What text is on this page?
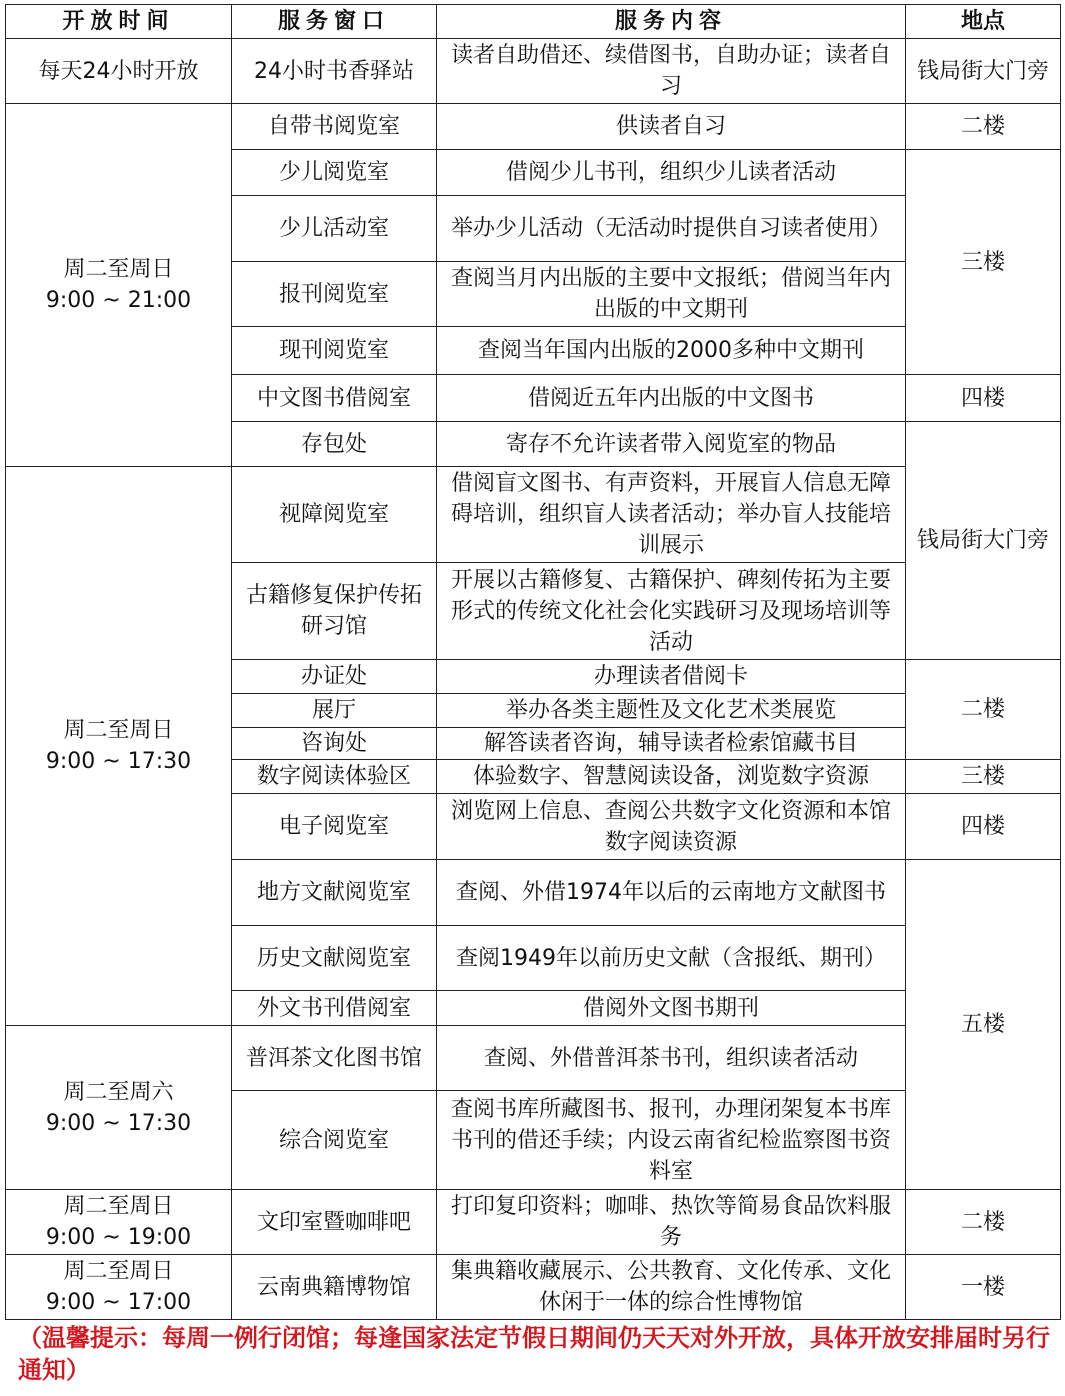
开放时间	服务窗口	服务内容	地点
每天24小时开放	24小时书香驿站	读者自助借还、续借图书，自助办证；读者自习	钱局街大门旁
周二至周日
9:00 ~ 21:00	自带书阅览室	供读者自习	二楼
	少儿阅览室	借阅少儿书刊，组织少儿读者活动	三楼
	少儿活动室	举办少儿活动（无活动时提供自习读者使用）	
	报刊阅览室	查阅当月内出版的主要中文报纸；借阅当年内出版的中文期刊	
	现刊阅览室	查阅当年国内出版的2000多种中文期刊	
	中文图书借阅室	借阅近五年内出版的中文图书	四楼
	存包处	寄存不允许读者带入阅览室的物品	钱局街大门旁
周二至周日
9:00 ~ 17:30	视障阅览室	借阅盲文图书、有声资料，开展盲人信息无障碍培训，组织盲人读者活动；举办盲人技能培训展示	
	古籍修复保护传拓研习馆	开展以古籍修复、古籍保护、碑刻传拓为主要形式的传统文化社会化实践研习及现场培训等活动	
	办证处	办理读者借阅卡	二楼
	展厅	举办各类主题性及文化艺术类展览	
	咨询处	解答读者咨询，辅导读者检索馆藏书目	
	数字阅读体验区	体验数字、智慧阅读设备，浏览数字资源	三楼
	电子阅览室	浏览网上信息、查阅公共数字文化资源和本馆数字阅读资源	四楼
	地方文献阅览室	查阅、外借1974年以后的云南地方文献图书	五楼
	历史文献阅览室	查阅1949年以前历史文献（含报纸、期刊）	
	外文书刊借阅室	借阅外文图书期刊	
周二至周六
9:00 ~ 17:30	普洱茶文化图书馆	查阅、外借普洱茶书刊，组织读者活动	
	综合阅览室	查阅书库所藏图书、报刊，办理闭架复本书库书刊的借还手续；内设云南省纪检监察图书资料室	
周二至周日
9:00 ~ 19:00	文印室暨咖啡吧	打印复印资料；咖啡、热饮等简易食品饮料服务	二楼
周二至周日
9:00 ~ 17:00	云南典籍博物馆	集典籍收藏展示、公共教育、文化传承、文化休闲于一体的综合性博物馆	一楼
（温馨提示：每周一例行闭馆；每逢国家法定节假日期间仍天天对外开放，具体开放安排届时另行通知）
